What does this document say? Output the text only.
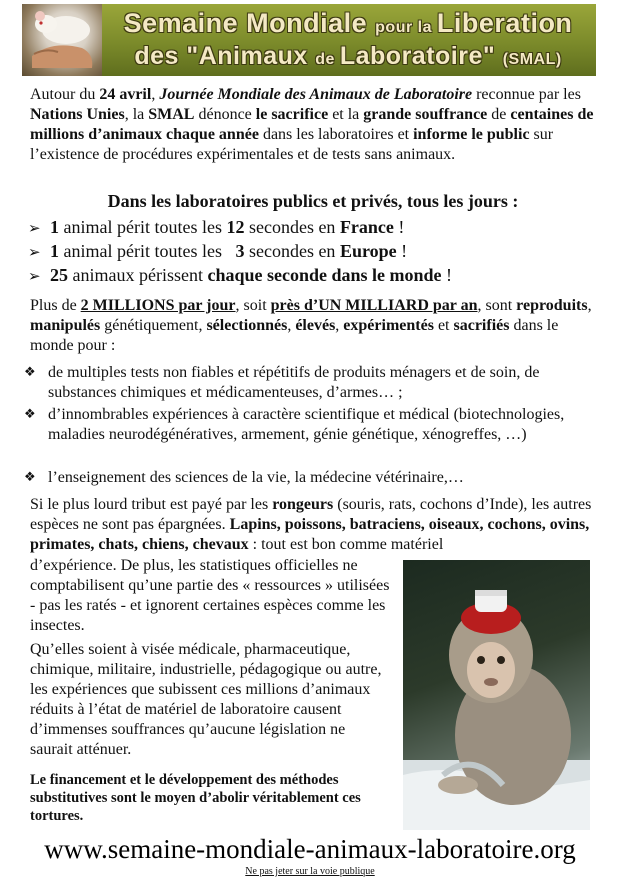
Semaine Mondiale pour la Liberation
des "Animaux de Laboratoire" (SMAL)

Autour du 24 avril, Journée Mondiale des Animaux de Laboratoire reconnue par les Nations Unies, la SMAL dénonce le sacrifice et la grande souffrance de centaines de millions d’animaux chaque année dans les laboratoires et informe le public sur l’existence de procédures expérimentales et de tests sans animaux.

Dans les laboratoires publics et privés, tous les jours :
➢ 1 animal périt toutes les 12 secondes en France !
➢ 1 animal périt toutes les   3 secondes en Europe !
➢ 25 animaux périssent chaque seconde dans le monde !

Plus de 2 MILLIONS par jour, soit près d’UN MILLIARD par an, sont reproduits, manipulés génétiquement, sélectionnés, élevés, expérimentés et sacrifiés dans le monde pour :

❖ de multiples tests non fiables et répétitifs de produits ménagers et de soin, de substances chimiques et médicamenteuses, d’armes… ;
❖ d’innombrables expériences à caractère scientifique et médical (biotechnologies, maladies neurodégénératives, armement, génie génétique, xénogreffes, …)
❖ l’enseignement des sciences de la vie, la médecine vétérinaire,…

Si le plus lourd tribut est payé par les rongeurs (souris, rats, cochons d’Inde), les autres espèces ne sont pas épargnées. Lapins, poissons, batraciens, oiseaux, cochons, ovins, primates, chats, chiens, chevaux : tout est bon comme matériel

d’expérience. De plus, les statistiques officielles ne comptabilisent qu’une partie des « ressources » utilisées - pas les ratés - et ignorent certaines espèces comme les insectes.

Qu’elles soient à visée médicale, pharmaceutique, chimique, militaire, industrielle, pédagogique ou autre, les expériences que subissent ces millions d’animaux réduits à l’état de matériel de laboratoire causent d’immenses souffrances qu’aucune législation ne saurait atténuer.

Le financement et le développement des méthodes substitutives sont le moyen d’abolir véritablement ces tortures.

www.semaine-mondiale-animaux-laboratoire.org
Ne pas jeter sur la voie publique
